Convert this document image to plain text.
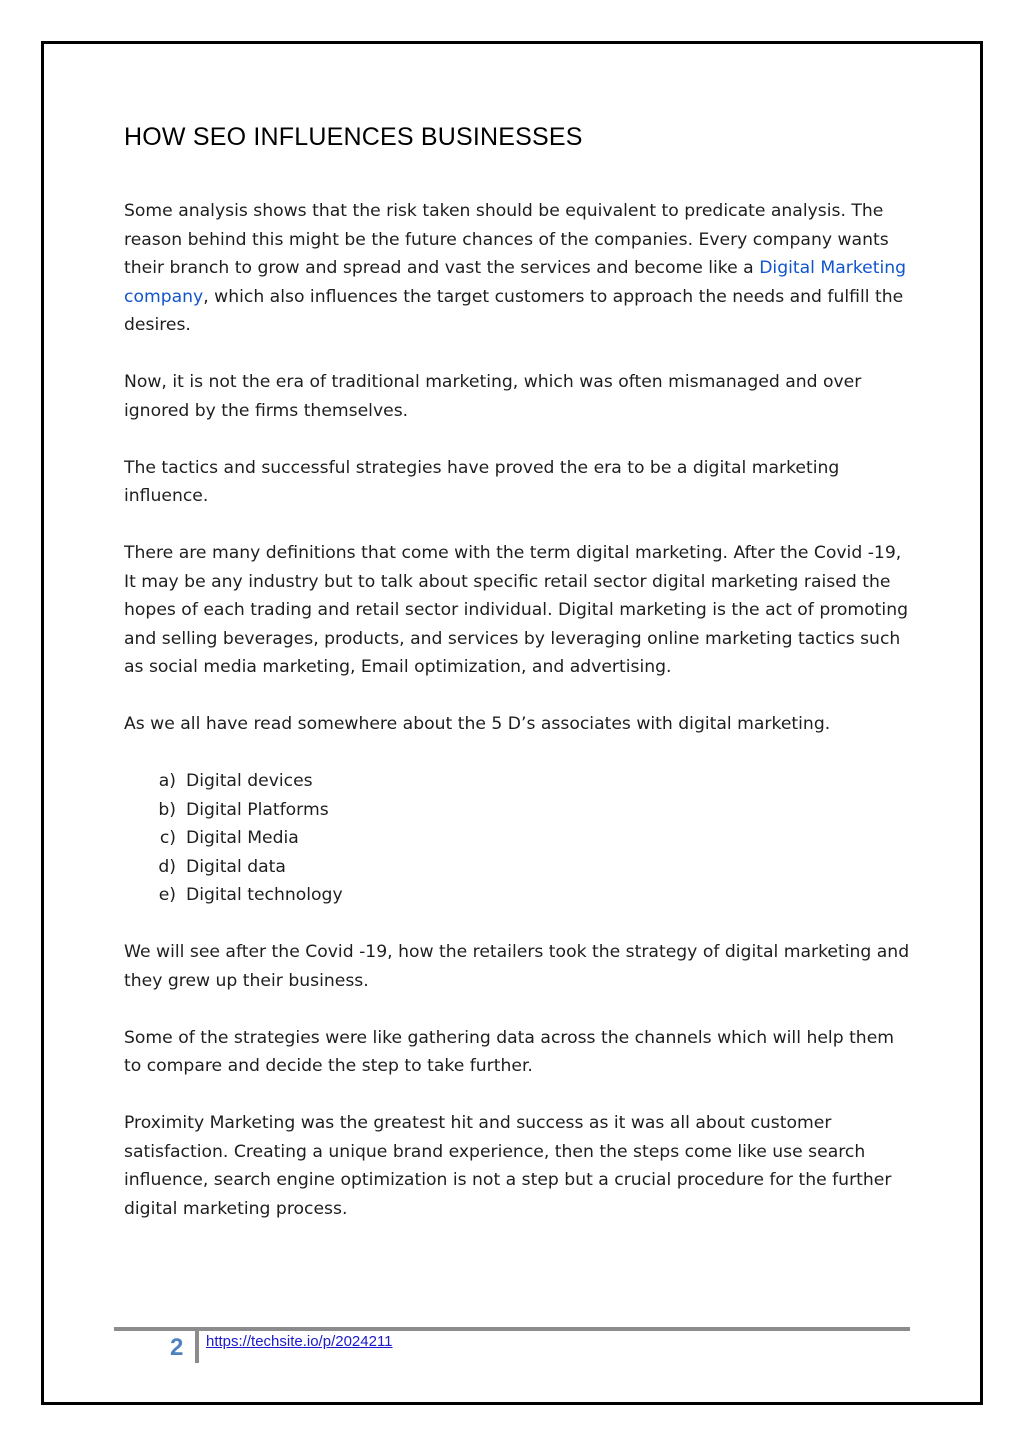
HOW SEO INFLUENCES BUSINESSES

Some analysis shows that the risk taken should be equivalent to predicate analysis. The reason behind this might be the future chances of the companies. Every company wants their branch to grow and spread and vast the services and become like a Digital Marketing company, which also influences the target customers to approach the needs and fulfill the desires.

Now, it is not the era of traditional marketing, which was often mismanaged and over ignored by the firms themselves.

The tactics and successful strategies have proved the era to be a digital marketing influence.

There are many definitions that come with the term digital marketing. After the Covid -19, It may be any industry but to talk about specific retail sector digital marketing raised the hopes of each trading and retail sector individual. Digital marketing is the act of promoting and selling beverages, products, and services by leveraging online marketing tactics such as social media marketing, Email optimization, and advertising.

As we all have read somewhere about the 5 D’s associates with digital marketing.

a) Digital devices
b) Digital Platforms
c) Digital Media
d) Digital data
e) Digital technology

We will see after the Covid -19, how the retailers took the strategy of digital marketing and they grew up their business.

Some of the strategies were like gathering data across the channels which will help them to compare and decide the step to take further.

Proximity Marketing was the greatest hit and success as it was all about customer satisfaction. Creating a unique brand experience, then the steps come like use search influence, search engine optimization is not a step but a crucial procedure for the further digital marketing process.

2 https://techsite.io/p/2024211
